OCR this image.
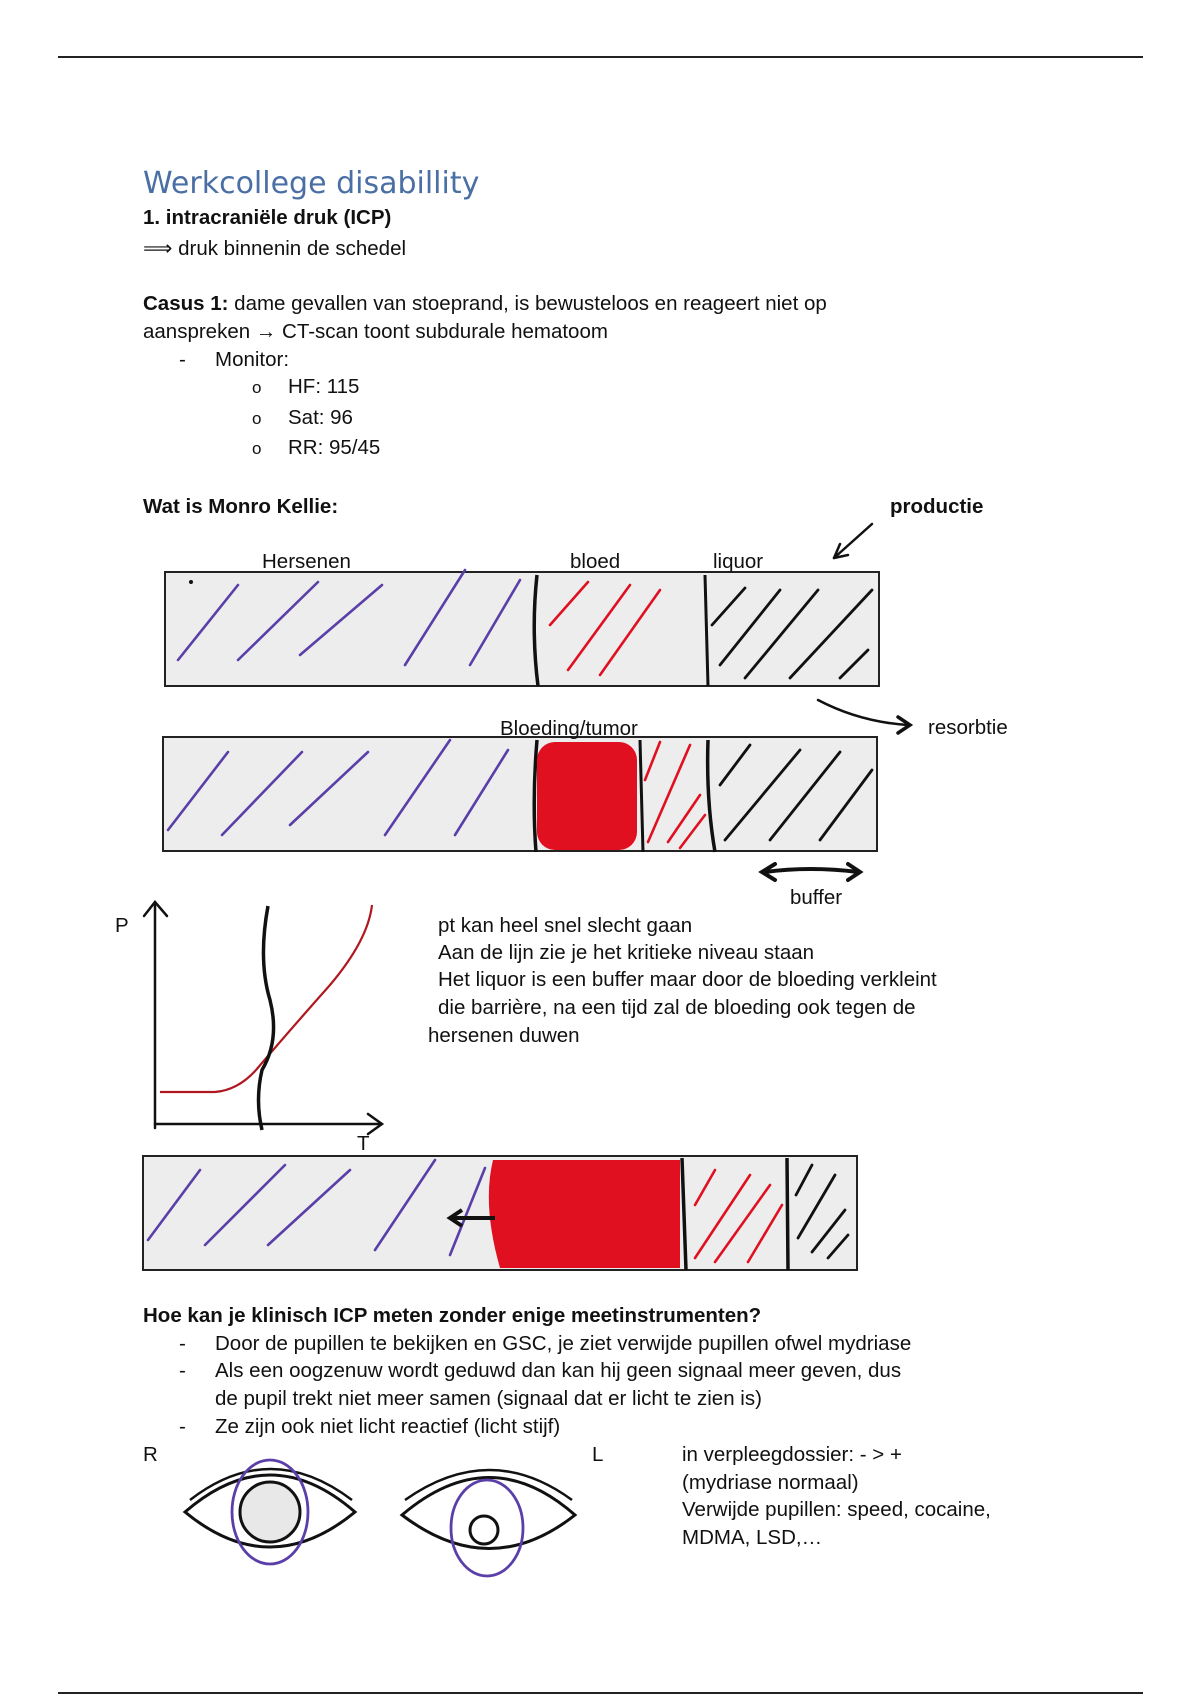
Werkcollege disabillity
1. intracraniële druk (ICP)
⟹ druk binnenin de schedel
Casus 1: dame gevallen van stoeprand, is bewusteloos en reageert niet op
aanspreken → CT-scan toont subdurale hematoom
- Monitor:
o HF: 115
o Sat: 96
o RR: 95/45
Wat is Monro Kellie:	productie
Hersenen	bloed	liquor
resorbtie
Bloeding/tumor
buffer
P
T
pt kan heel snel slecht gaan
Aan de lijn zie je het kritieke niveau staan
Het liquor is een buffer maar door de bloeding verkleint
die barrière, na een tijd zal de bloeding ook tegen de
hersenen duwen
Hoe kan je klinisch ICP meten zonder enige meetinstrumenten?
- Door de pupillen te bekijken en GSC, je ziet verwijde pupillen ofwel mydriase
- Als een oogzenuw wordt geduwd dan kan hij geen signaal meer geven, dus
de pupil trekt niet meer samen (signaal dat er licht te zien is)
- Ze zijn ook niet licht reactief (licht stijf)
R	L	in verpleegdossier: - > +
(mydriase normaal)
Verwijde pupillen: speed, cocaine,
MDMA, LSD,…
